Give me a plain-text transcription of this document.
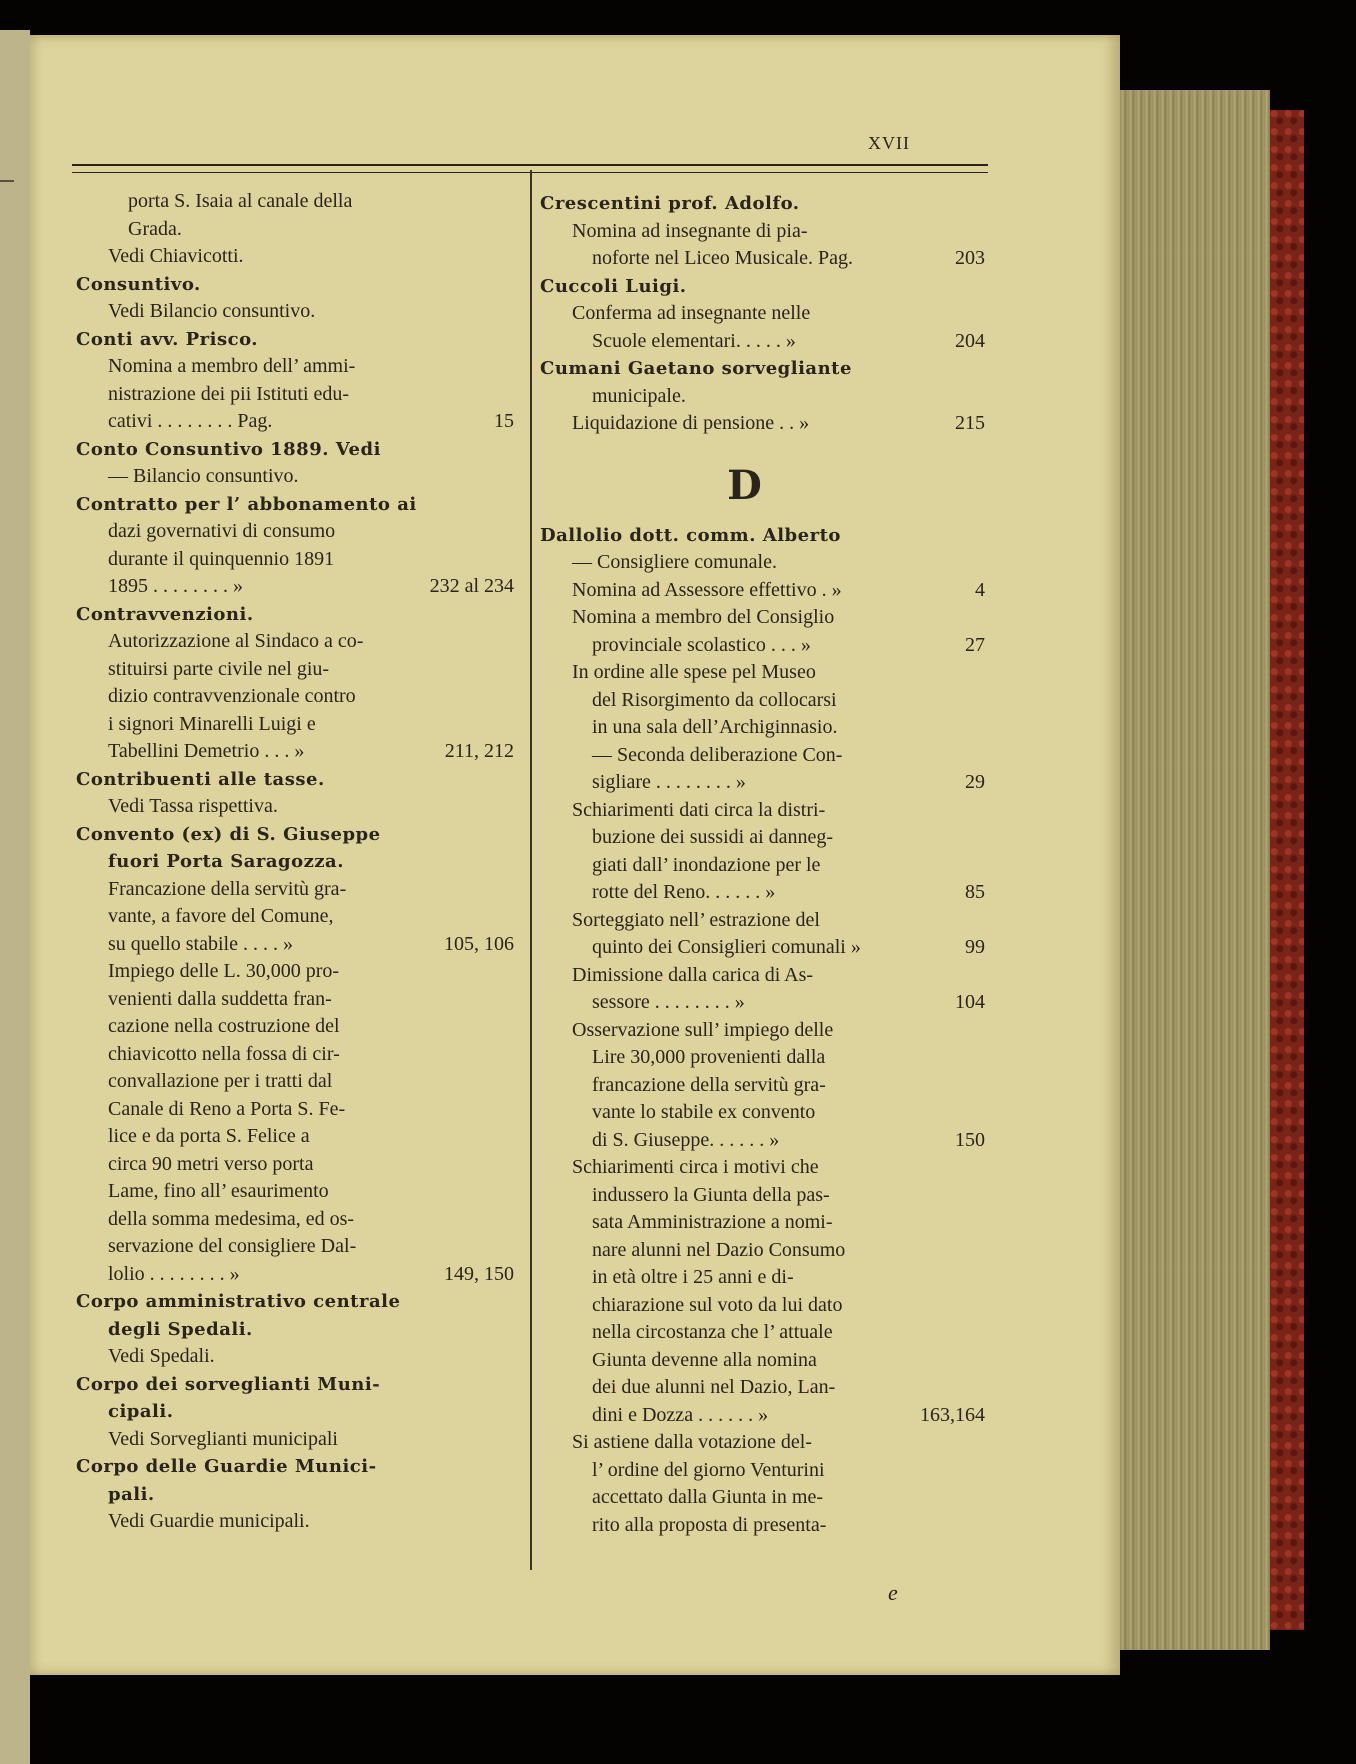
XVII
porta S. Isaia al canale della
Grada.
Vedi Chiavicotti.
Consuntivo.
Vedi Bilancio consuntivo.
Conti avv. Prisco.
Nomina a membro dell’ ammi-
nistrazione dei pii Istituti edu-
cativi . . . . . . . . Pag.	15
Conto Consuntivo 1889. Vedi
— Bilancio consuntivo.
Contratto per l’ abbonamento ai
dazi governativi di consumo
durante il quinquennio 1891
1895 . . . . . . . . »	232 al 234
Contravvenzioni.
Autorizzazione al Sindaco a co-
stituirsi parte civile nel giu-
dizio contravvenzionale contro
i signori Minarelli Luigi e
Tabellini Demetrio . . . »	211, 212
Contribuenti alle tasse.
Vedi Tassa rispettiva.
Convento (ex) di S. Giuseppe
fuori Porta Saragozza.
Francazione della servitù gra-
vante, a favore del Comune,
su quello stabile . . . . »	105, 106
Impiego delle L. 30,000 pro-
venienti dalla suddetta fran-
cazione nella costruzione del
chiavicotto nella fossa di cir-
convallazione per i tratti dal
Canale di Reno a Porta S. Fe-
lice e da porta S. Felice a
circa 90 metri verso porta
Lame, fino all’ esaurimento
della somma medesima, ed os-
servazione del consigliere Dal-
lolio . . . . . . . . »	149, 150
Corpo amministrativo centrale
degli Spedali.
Vedi Spedali.
Corpo dei sorveglianti Muni-
cipali.
Vedi Sorveglianti municipali
Corpo delle Guardie Munici-
pali.
Vedi Guardie municipali.
Crescentini prof. Adolfo.
Nomina ad insegnante di pia-
noforte nel Liceo Musicale. Pag.	203
Cuccoli Luigi.
Conferma ad insegnante nelle
Scuole elementari. . . . . »	204
Cumani Gaetano sorvegliante
municipale.
Liquidazione di pensione . . »	215
D
Dallolio dott. comm. Alberto
— Consigliere comunale.
Nomina ad Assessore effettivo . »	4
Nomina a membro del Consiglio
provinciale scolastico . . . »	27
In ordine alle spese pel Museo
del Risorgimento da collocarsi
in una sala dell’Archiginnasio.
— Seconda deliberazione Con-
sigliare . . . . . . . . »	29
Schiarimenti dati circa la distri-
buzione dei sussidi ai danneg-
giati dall’ inondazione per le
rotte del Reno. . . . . . »	85
Sorteggiato nell’ estrazione del
quinto dei Consiglieri comunali »	99
Dimissione dalla carica di As-
sessore . . . . . . . . »	104
Osservazione sull’ impiego delle
Lire 30,000 provenienti dalla
francazione della servitù gra-
vante lo stabile ex convento
di S. Giuseppe. . . . . . »	150
Schiarimenti circa i motivi che
indussero la Giunta della pas-
sata Amministrazione a nomi-
nare alunni nel Dazio Consumo
in età oltre i 25 anni e di-
chiarazione sul voto da lui dato
nella circostanza che l’ attuale
Giunta devenne alla nomina
dei due alunni nel Dazio, Lan-
dini e Dozza . . . . . . »	163,164
Si astiene dalla votazione del-
l’ ordine del giorno Venturini
accettato dalla Giunta in me-
rito alla proposta di presenta-
e
